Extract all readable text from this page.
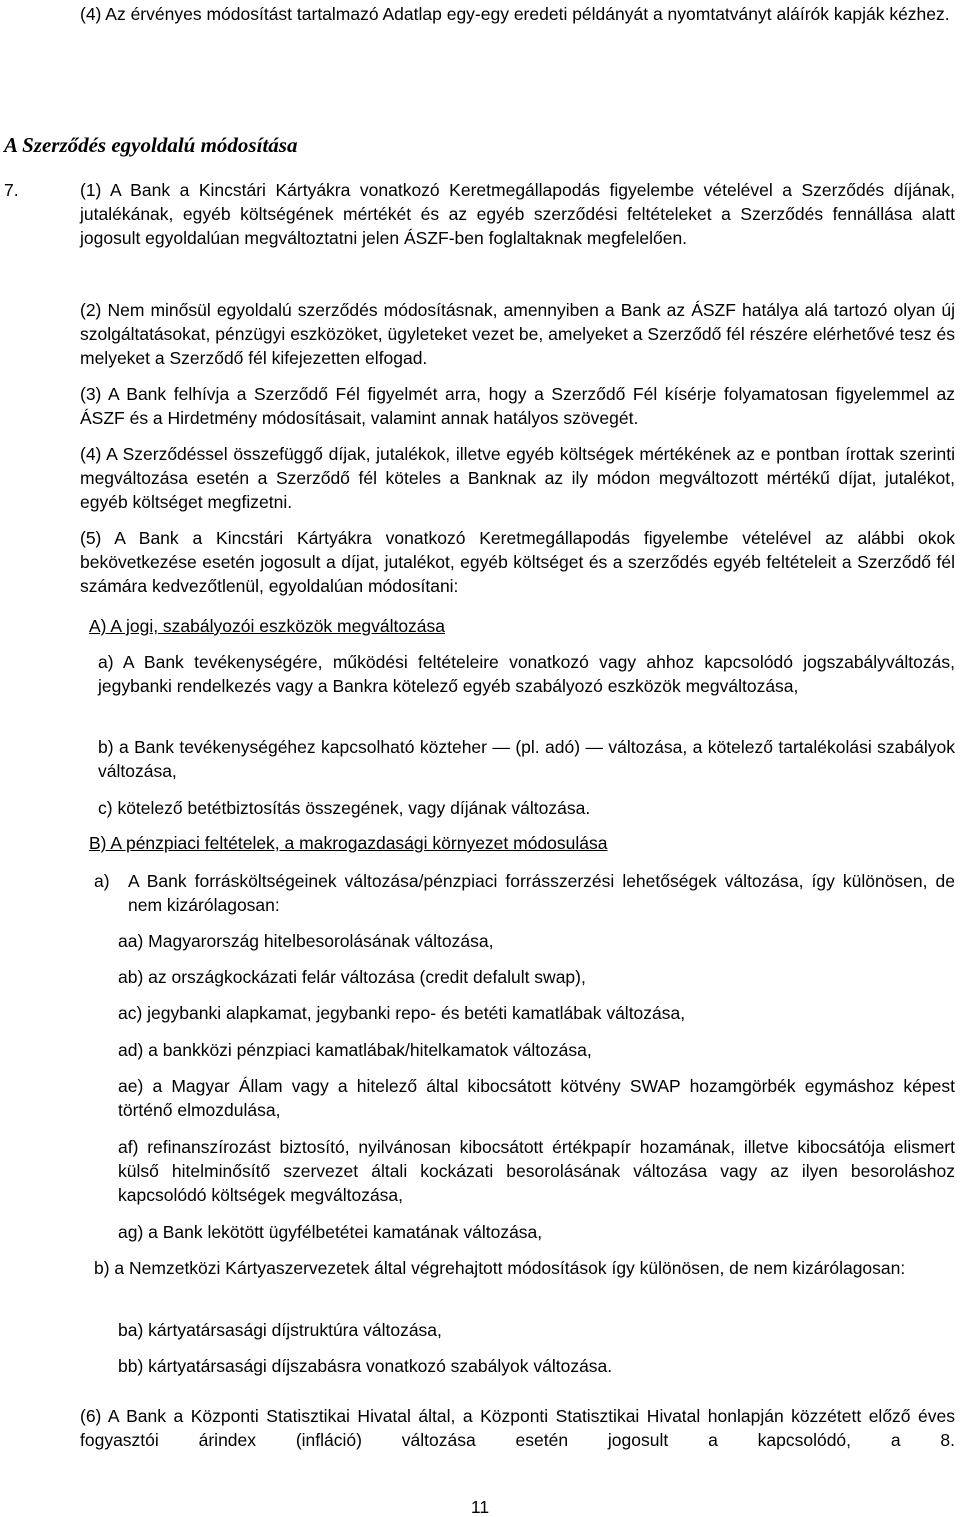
(4) Az érvényes módosítást tartalmazó Adatlap egy-egy eredeti példányát a nyomtatványt aláírók kapják kézhez.

A Szerződés egyoldalú módosítása
7.	(1) A Bank a Kincstári Kártyákra vonatkozó Keretmegállapodás figyelembe vételével a Szerződés díjának, jutalékának, egyéb költségének mértékét és az egyéb szerződési feltételeket a Szerződés fennállása alatt jogosult egyoldalúan megváltoztatni jelen ÁSZF-ben foglaltaknak megfelelően.

(2) Nem minősül egyoldalú szerződés módosításnak, amennyiben a Bank az ÁSZF hatálya alá tartozó olyan új szolgáltatásokat, pénzügyi eszközöket, ügyleteket vezet be, amelyeket a Szerződő fél részére elérhetővé tesz és melyeket a Szerződő fél kifejezetten elfogad.

(3) A Bank felhívja a Szerződő Fél figyelmét arra, hogy a Szerződő Fél kísérje folyamatosan figyelemmel az ÁSZF és a Hirdetmény módosításait, valamint annak hatályos szövegét.

(4) A Szerződéssel összefüggő díjak, jutalékok, illetve egyéb költségek mértékének az e pontban írottak szerinti megváltozása esetén a Szerződő fél köteles a Banknak az ily módon megváltozott mértékű díjat, jutalékot, egyéb költséget megfizetni.

(5) A Bank a Kincstári Kártyákra vonatkozó Keretmegállapodás figyelembe vételével az alábbi okok bekövetkezése esetén jogosult a díjat, jutalékot, egyéb költséget és a szerződés egyéb feltételeit a Szerződő fél számára kedvezőtlenül, egyoldalúan módosítani:

A) A jogi, szabályozói eszközök megváltozása

a) A Bank tevékenységére, működési feltételeire vonatkozó vagy ahhoz kapcsolódó jogszabályváltozás, jegybanki rendelkezés vagy a Bankra kötelező egyéb szabályozó eszközök megváltozása,

b) a Bank tevékenységéhez kapcsolható közteher — (pl. adó) — változása, a kötelező tartalékolási szabályok változása,

c) kötelező betétbiztosítás összegének, vagy díjának változása.

B) A pénzpiaci feltételek, a makrogazdasági környezet módosulása

a) A Bank forrásköltségeinek változása/pénzpiaci forrásszerzési lehetőségek változása, így különösen, de nem kizárólagosan:

aa) Magyarország hitelbesorolásának változása,

ab) az országkockázati felár változása (credit defalult swap),

ac) jegybanki alapkamat, jegybanki repo- és betéti kamatlábak változása,

ad) a bankközi pénzpiaci kamatlábak/hitelkamatok változása,

ae) a Magyar Állam vagy a hitelező által kibocsátott kötvény SWAP hozamgörbék egymáshoz képest történő elmozdulása,

af) refinanszírozást biztosító, nyilvánosan kibocsátott értékpapír hozamának, illetve kibocsátója elismert külső hitelminősítő szervezet általi kockázati besorolásának változása vagy az ilyen besoroláshoz kapcsolódó költségek megváltozása,

ag) a Bank lekötött ügyfélbetétei kamatának változása,

b) a Nemzetközi Kártyaszervezetek által végrehajtott módosítások így különösen, de nem kizárólagosan:

ba) kártyatársasági díjstruktúra változása,

bb) kártyatársasági díjszabásra vonatkozó szabályok változása.

(6) A Bank a Központi Statisztikai Hivatal által, a Központi Statisztikai Hivatal honlapján közzétett előző éves fogyasztói árindex (infláció) változása esetén jogosult a kapcsolódó, a 8.

11
